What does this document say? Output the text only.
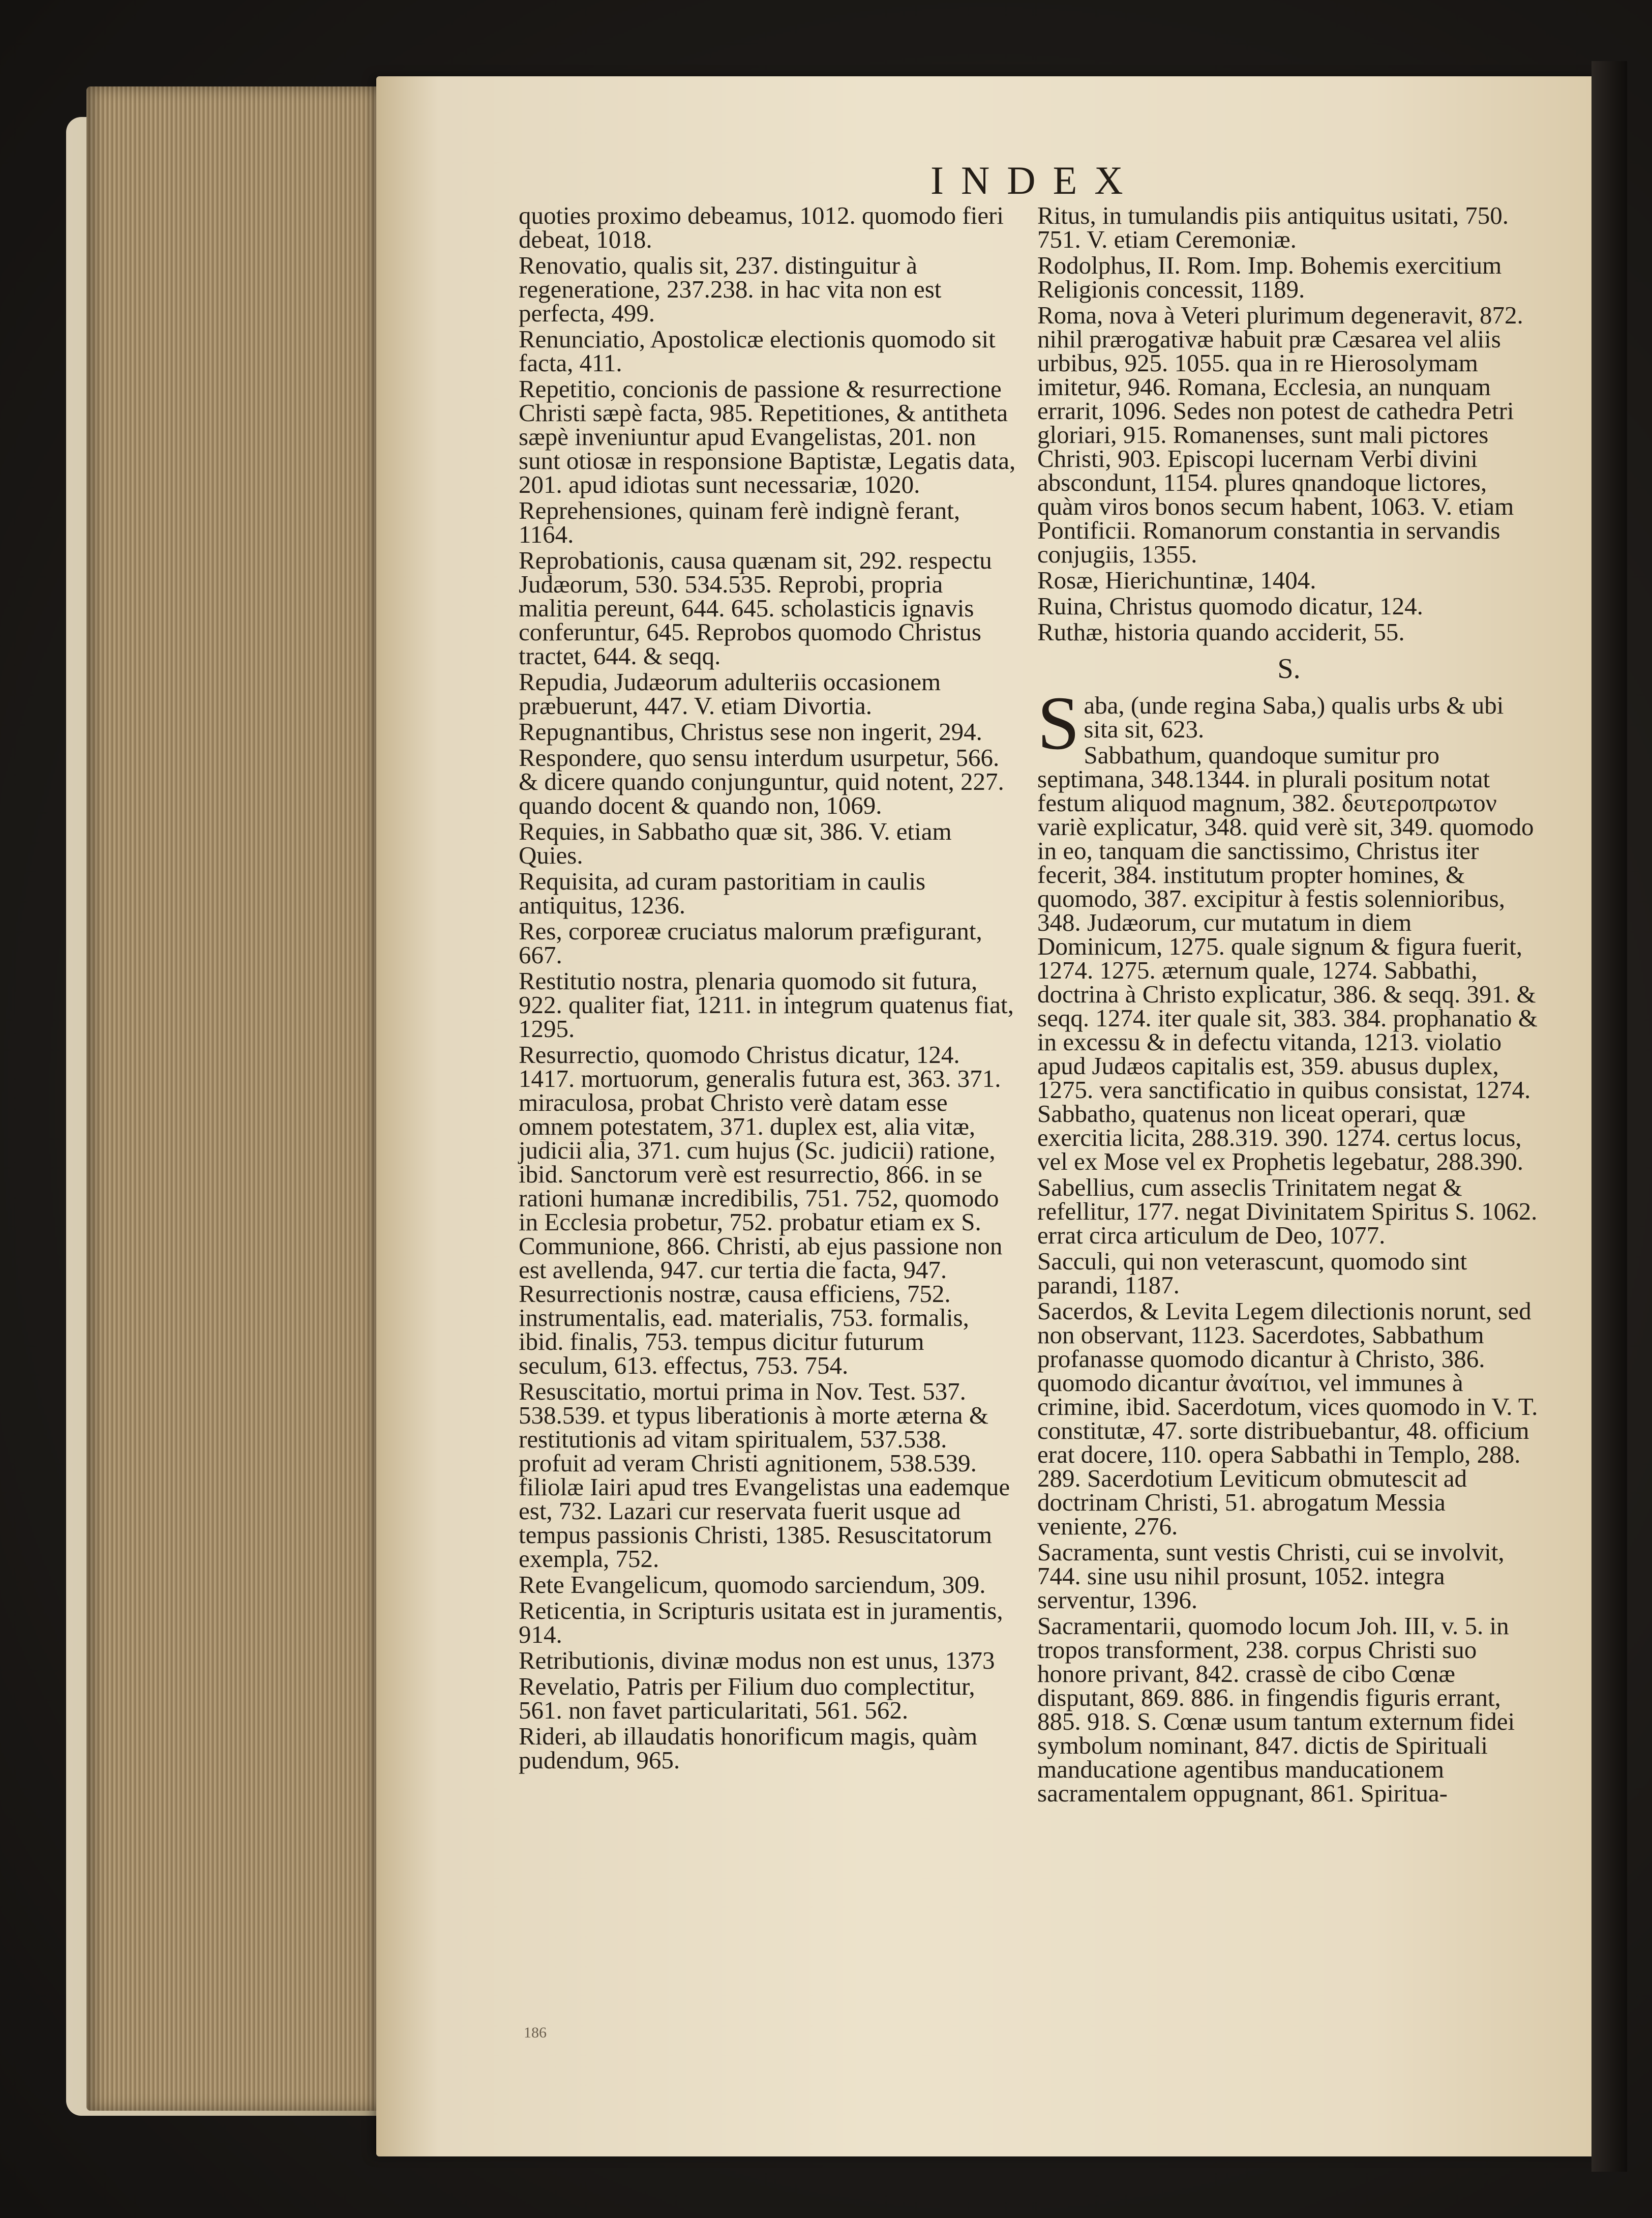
INDEX

quoties proximo debeamus, 1012. quomodo fieri debeat, 1018.

Renovatio, qualis sit, 237. distinguitur à regeneratione, 237.238. in hac vita non est perfecta, 499.

Renunciatio, Apostolicæ electionis quomodo sit facta, 411.

Repetitio, concionis de passione & resurrectione Christi sæpè facta, 985. Repetitiones, & antitheta sæpè inveniuntur apud Evangelistas, 201. non sunt otiosæ in responsione Baptistæ, Legatis data, 201. apud idiotas sunt necessariæ, 1020.

Reprehensiones, quinam ferè indignè ferant, 1164.

Reprobationis, causa quænam sit, 292. respectu Judæorum, 530. 534.535. Reprobi, propria malitia pereunt, 644. 645. scholasticis ignavis conferuntur, 645. Reprobos quomodo Christus tractet, 644. & seqq.

Repudia, Judæorum adulteriis occasionem præbuerunt, 447. V. etiam Divortia.

Repugnantibus, Christus sese non ingerit, 294.

Respondere, quo sensu interdum usurpetur, 566. & dicere quando conjunguntur, quid notent, 227. quando docent & quando non, 1069.

Requies, in Sabbatho quæ sit, 386. V. etiam Quies.

Requisita, ad curam pastoritiam in caulis antiquitus, 1236.

Res, corporeæ cruciatus malorum præfigurant, 667.

Restitutio nostra, plenaria quomodo sit futura, 922. qualiter fiat, 1211. in integrum quatenus fiat, 1295.

Resurrectio, quomodo Christus dicatur, 124. 1417. mortuorum, generalis futura est, 363. 371. miraculosa, probat Christo verè datam esse omnem potestatem, 371. duplex est, alia vitæ, judicii alia, 371. cum hujus (Sc. judicii) ratione, ibid. Sanctorum verè est resurrectio, 866. in se rationi humanæ incredibilis, 751. 752, quomodo in Ecclesia probetur, 752. probatur etiam ex S. Communione, 866. Christi, ab ejus passione non est avellenda, 947. cur tertia die facta, 947. Resurrectionis nostræ, causa efficiens, 752. instrumentalis, ead. materialis, 753. formalis, ibid. finalis, 753. tempus dicitur futurum seculum, 613. effectus, 753. 754.

Resuscitatio, mortui prima in Nov. Test. 537. 538.539. et typus liberationis à morte æterna & restitutionis ad vitam spiritualem, 537.538. profuit ad veram Christi agnitionem, 538.539. filiolæ Iairi apud tres Evangelistas una eademque est, 732. Lazari cur reservata fuerit usque ad tempus passionis Christi, 1385. Resuscitatorum exempla, 752.

Rete Evangelicum, quomodo sarciendum, 309.

Reticentia, in Scripturis usitata est in juramentis, 914.

Retributionis, divinæ modus non est unus, 1373

Revelatio, Patris per Filium duo complectitur, 561. non favet particularitati, 561. 562.

Rideri, ab illaudatis honorificum magis, quàm pudendum, 965.

Ritus, in tumulandis piis antiquitus usitati, 750. 751. V. etiam Ceremoniæ.

Rodolphus, II. Rom. Imp. Bohemis exercitium Religionis concessit, 1189.

Roma, nova à Veteri plurimum degeneravit, 872. nihil prærogativæ habuit præ Cæsarea vel aliis urbibus, 925. 1055. qua in re Hierosolymam imitetur, 946. Romana, Ecclesia, an nunquam errarit, 1096. Sedes non potest de cathedra Petri gloriari, 915. Romanenses, sunt mali pictores Christi, 903. Episcopi lucernam Verbi divini abscondunt, 1154. plures qnandoque lictores, quàm viros bonos secum habent, 1063. V. etiam Pontificii. Romanorum constantia in servandis conjugiis, 1355.

Rosæ, Hierichuntinæ, 1404.

Ruina, Christus quomodo dicatur, 124.

Ruthæ, historia quando acciderit, 55.

S.

S aba, (unde regina Saba,) qualis urbs & ubi sita sit, 623.

Sabbathum, quandoque sumitur pro septimana, 348.1344. in plurali positum notat festum aliquod magnum, 382. δευτεροπρωτον variè explicatur, 348. quid verè sit, 349. quomodo in eo, tanquam die sanctissimo, Christus iter fecerit, 384. institutum propter homines, & quomodo, 387. excipitur à festis solennioribus, 348. Judæorum, cur mutatum in diem Dominicum, 1275. quale signum & figura fuerit, 1274. 1275. æternum quale, 1274. Sabbathi, doctrina à Christo explicatur, 386. & seqq. 391. & seqq. 1274. iter quale sit, 383. 384. prophanatio & in excessu & in defectu vitanda, 1213. violatio apud Judæos capitalis est, 359. abusus duplex, 1275. vera sanctificatio in quibus consistat, 1274. Sabbatho, quatenus non liceat operari, quæ exercitia licita, 288.319. 390. 1274. certus locus, vel ex Mose vel ex Prophetis legebatur, 288.390.

Sabellius, cum asseclis Trinitatem negat & refellitur, 177. negat Divinitatem Spiritus S. 1062. errat circa articulum de Deo, 1077.

Sacculi, qui non veterascunt, quomodo sint parandi, 1187.

Sacerdos, & Levita Legem dilectionis norunt, sed non observant, 1123. Sacerdotes, Sabbathum profanasse quomodo dicantur à Christo, 386. quomodo dicantur ἀναίτιοι, vel immunes à crimine, ibid. Sacerdotum, vices quomodo in V. T. constitutæ, 47. sorte distribuebantur, 48. officium erat docere, 110. opera Sabbathi in Templo, 288. 289. Sacerdotium Leviticum obmutescit ad doctrinam Christi, 51. abrogatum Messia veniente, 276.

Sacramenta, sunt vestis Christi, cui se involvit, 744. sine usu nihil prosunt, 1052. integra serventur, 1396.

Sacramentarii, quomodo locum Joh. III, v. 5. in tropos transforment, 238. corpus Christi suo honore privant, 842. crassè de cibo Cœnæ disputant, 869. 886. in fingendis figuris errant, 885. 918. S. Cœnæ usum tantum externum fidei symbolum nominant, 847. dictis de Spirituali manducatione agentibus manducationem sacramentalem oppugnant, 861. Spiritua-

186
